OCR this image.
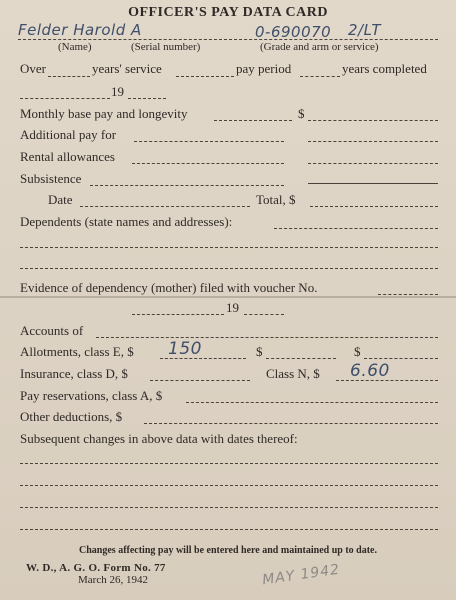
OFFICER'S PAY DATA CARD
Felder Harold A	0-690070 2/LT
(Name)	(Serial number)	(Grade and arm or service)
Over	years' service	pay period	years completed
19
Monthly base pay and longevity	$
Additional pay for
Rental allowances
Subsistence
Date	Total, $
Dependents (state names and addresses):
Evidence of dependency (mother) filed with voucher No.
19
Accounts of
Allotments, class E, $ 150	$	$
Insurance, class D, $	Class N, $ 6.60
Pay reservations, class A, $
Other deductions, $
Subsequent changes in above data with dates thereof:
Changes affecting pay will be entered here and maintained up to date.
W. D., A. G. O. Form No. 77
March 26, 1942	MAY 1942
